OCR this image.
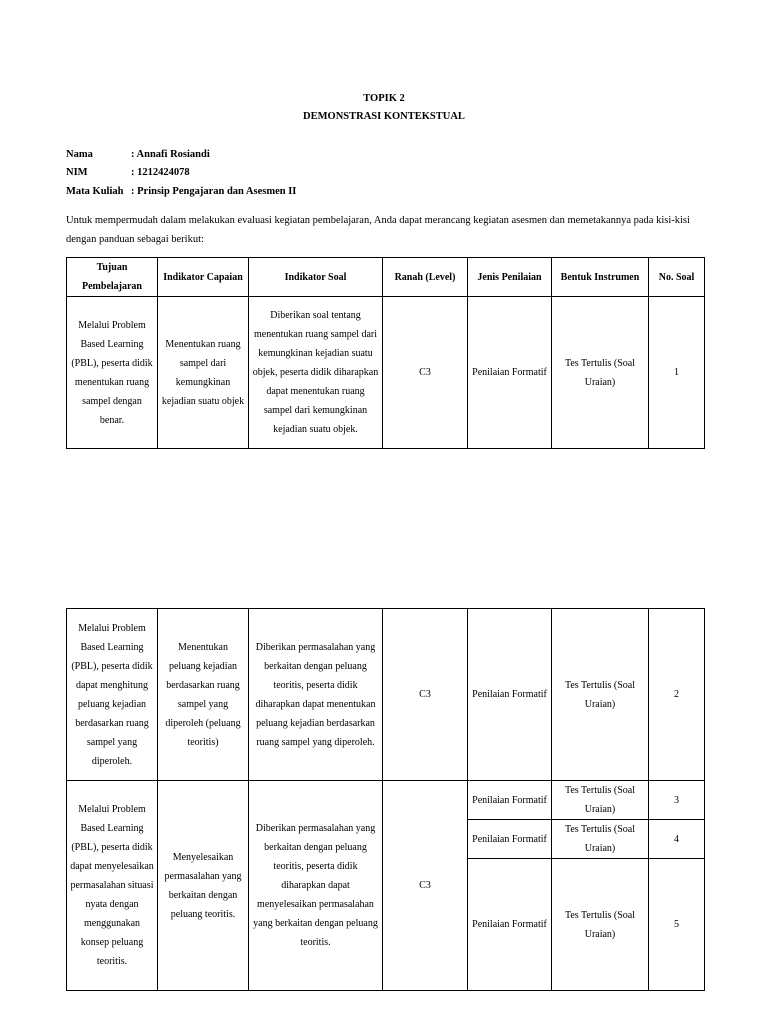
TOPIK 2
DEMONSTRASI KONTEKSTUAL
Nama	: Annafi Rosiandi
NIM	: 1212424078
Mata Kuliah : Prinsip Pengajaran dan Asesmen II
Untuk mempermudah dalam melakukan evaluasi kegiatan pembelajaran, Anda dapat merancang kegiatan asesmen dan memetakannya pada kisi-kisi dengan panduan sebagai berikut:
Tujuan Pembelajaran	Indikator Capaian	Indikator Soal	Ranah (Level)	Jenis Penilaian	Bentuk Instrumen	No. Soal
Melalui Problem Based Learning (PBL), peserta didik menentukan ruang sampel dengan benar.	Menentukan ruang sampel dari kemungkinan kejadian suatu objek	Diberikan soal tentang menentukan ruang sampel dari kemungkinan kejadian suatu objek, peserta didik diharapkan dapat menentukan ruang sampel dari kemungkinan kejadian suatu objek.	C3	Penilaian Formatif	Tes Tertulis (Soal Uraian)	1
Melalui Problem Based Learning (PBL), peserta didik dapat menghitung peluang kejadian berdasarkan ruang sampel yang diperoleh.	Menentukan peluang kejadian berdasarkan ruang sampel yang diperoleh (peluang teoritis)	Diberikan permasalahan yang berkaitan dengan peluang teoritis, peserta didik diharapkan dapat menentukan peluang kejadian berdasarkan ruang sampel yang diperoleh.	C3	Penilaian Formatif	Tes Tertulis (Soal Uraian)	2
Melalui Problem Based Learning (PBL), peserta didik dapat menyelesaikan permasalahan situasi nyata dengan menggunakan konsep peluang teoritis.	Menyelesaikan permasalahan yang berkaitan dengan peluang teoritis.	Diberikan permasalahan yang berkaitan dengan peluang teoritis, peserta didik diharapkan dapat menyelesaikan permasalahan yang berkaitan dengan peluang teoritis.	C3	Penilaian Formatif	Tes Tertulis (Soal Uraian)	3
				Penilaian Formatif	Tes Tertulis (Soal Uraian)	4
				Penilaian Formatif	Tes Tertulis (Soal Uraian)	5
